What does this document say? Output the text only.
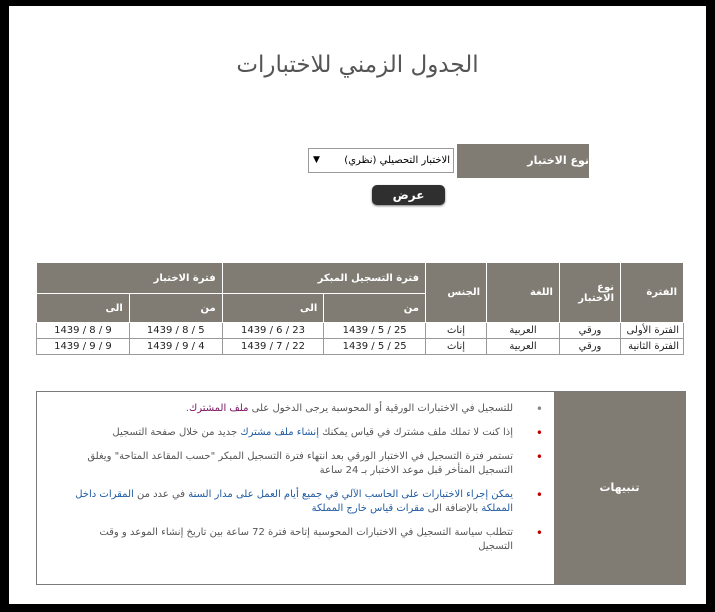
الجدول الزمني للاختبارات
نوع الاختبار
الاختبار التحصيلي (نظري)
▼
عرض
الفترة	نوع الاختبار	اللغة	الجنس	فترة التسجيل المبكر		فترة الاختبار	
				من	الى	من	الى
الفترة الأولى	ورقي	العربية	إناث	25 / 5 / 1439	23 / 6 / 1439	5 / 8 / 1439	9 / 8 / 1439
الفترة الثانية	ورقي	العربية	إناث	25 / 5 / 1439	22 / 7 / 1439	4 / 9 / 1439	9 / 9 / 1439
تنبيهات
•
للتسجيل في الاختبارات الورقية أو المحوسبة يرجى الدخول على ملف المشترك.
•
إذا كنت لا تملك ملف مشترك في قياس يمكنك إنشاء ملف مشترك جديد من خلال صفحة التسجيل
•
تستمر فترة التسجيل في الاختبار الورقي بعد انتهاء فترة التسجيل المبكر "حسب المقاعد المتاحة" ويغلق التسجيل المتأخر قبل موعد الاختبار بـ 24 ساعة
•
يمكن إجراء الاختبارات على الحاسب الآلي في جميع أيام العمل على مدار السنة في عدد من المقرات داخل المملكة بالإضافة الى مقرات قياس خارج المملكة
•
تتطلب سياسة التسجيل في الاختبارات المحوسبة إتاحة فترة 72 ساعة بين تاريخ إنشاء الموعد و وقت التسجيل
